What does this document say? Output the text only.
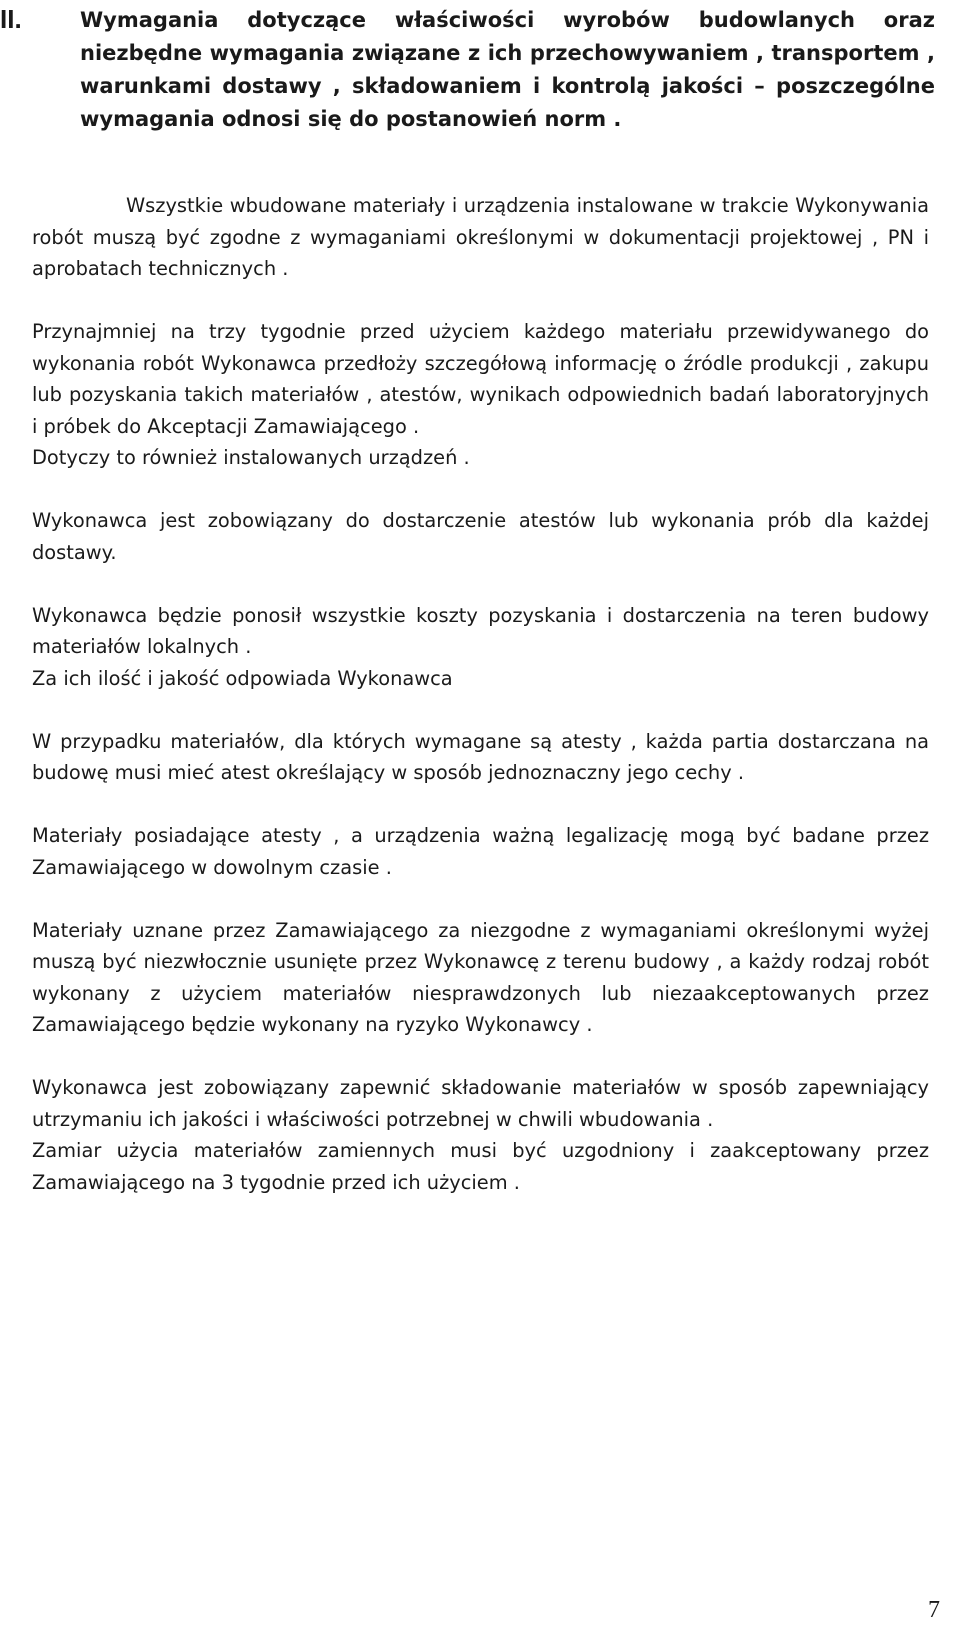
II.	Wymagania dotyczące właściwości wyrobów budowlanych oraz niezbędne wymagania związane z ich przechowywaniem , transportem , warunkami dostawy , składowaniem i kontrolą jakości – poszczególne wymagania odnosi się do postanowień norm .

Wszystkie wbudowane materiały i urządzenia instalowane w trakcie Wykonywania robót muszą być zgodne z wymaganiami określonymi w dokumentacji projektowej , PN i aprobatach technicznych .

Przynajmniej na trzy tygodnie przed użyciem każdego materiału przewidywanego do wykonania robót Wykonawca przedłoży szczegółową informację o źródle produkcji , zakupu lub pozyskania takich materiałów , atestów, wynikach odpowiednich badań laboratoryjnych i próbek do Akceptacji Zamawiającego .

Dotyczy to również instalowanych urządzeń .

Wykonawca jest zobowiązany do dostarczenie atestów lub wykonania prób dla każdej dostawy.

Wykonawca będzie ponosił wszystkie koszty pozyskania i dostarczenia na teren budowy materiałów lokalnych .

Za ich ilość i jakość odpowiada Wykonawca

W przypadku materiałów, dla których wymagane są atesty , każda partia dostarczana na budowę musi mieć atest określający w sposób jednoznaczny jego cechy .

Materiały posiadające atesty , a urządzenia ważną legalizację mogą być badane przez Zamawiającego w dowolnym czasie .

Materiały uznane przez Zamawiającego za niezgodne z wymaganiami określonymi wyżej muszą być niezwłocznie usunięte przez Wykonawcę z terenu budowy , a każdy rodzaj robót wykonany z użyciem materiałów niesprawdzonych lub niezaakceptowanych przez Zamawiającego będzie wykonany na ryzyko Wykonawcy .

Wykonawca jest zobowiązany zapewnić składowanie materiałów w sposób zapewniający utrzymaniu ich jakości i właściwości potrzebnej w chwili wbudowania .

Zamiar użycia materiałów zamiennych musi być uzgodniony i zaakceptowany przez Zamawiającego na 3 tygodnie przed ich użyciem .

7
